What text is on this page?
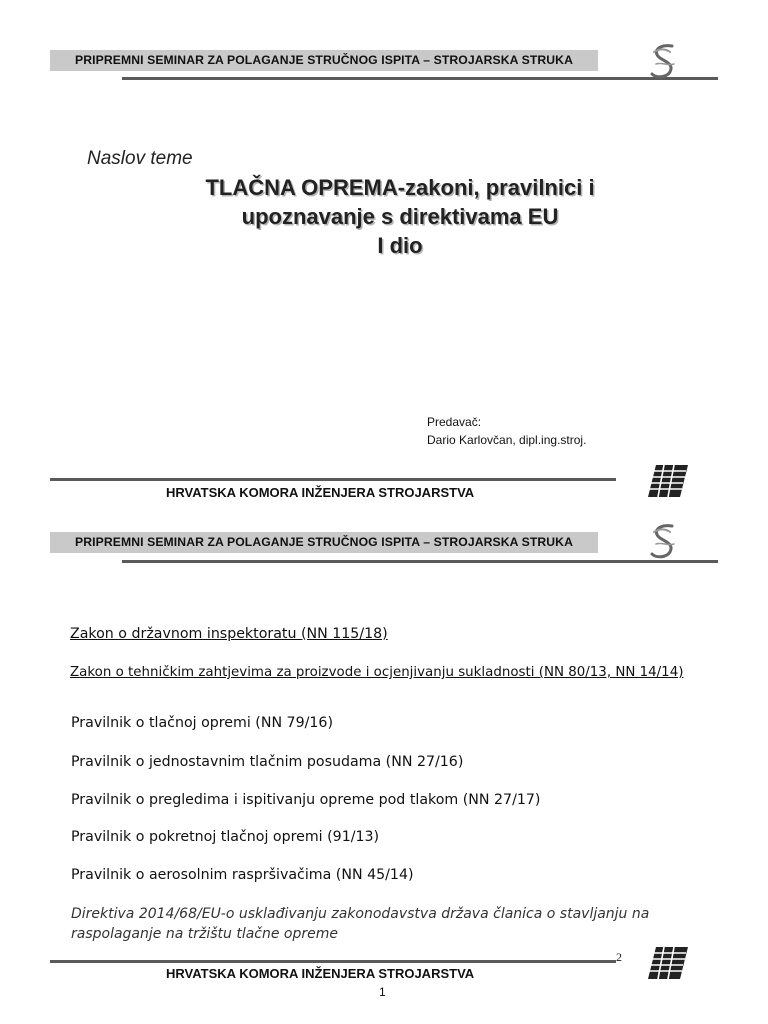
PRIPREMNI SEMINAR ZA POLAGANJE STRUČNOG ISPITA – STROJARSKA STRUKA
Naslov teme
TLAČNA OPREMA-zakoni, pravilnici i
upoznavanje s direktivama EU
I dio
Predavač:
Dario Karlovčan, dipl.ing.stroj.
HRVATSKA KOMORA INŽENJERA STROJARSTVA
PRIPREMNI SEMINAR ZA POLAGANJE STRUČNOG ISPITA – STROJARSKA STRUKA
Zakon o državnom inspektoratu (NN 115/18)
Zakon o tehničkim zahtjevima za proizvode i ocjenjivanju sukladnosti (NN 80/13, NN 14/14)
Pravilnik o tlačnoj opremi (NN 79/16)
Pravilnik o jednostavnim tlačnim posudama (NN 27/16)
Pravilnik o pregledima i ispitivanju opreme pod tlakom (NN 27/17)
Pravilnik o pokretnoj tlačnoj opremi (91/13)
Pravilnik o aerosolnim raspršivačima (NN 45/14)
Direktiva 2014/68/EU-o usklađivanju zakonodavstva država članica o stavljanju na
raspolaganje na tržištu tlačne opreme
2
HRVATSKA KOMORA INŽENJERA STROJARSTVA
1
